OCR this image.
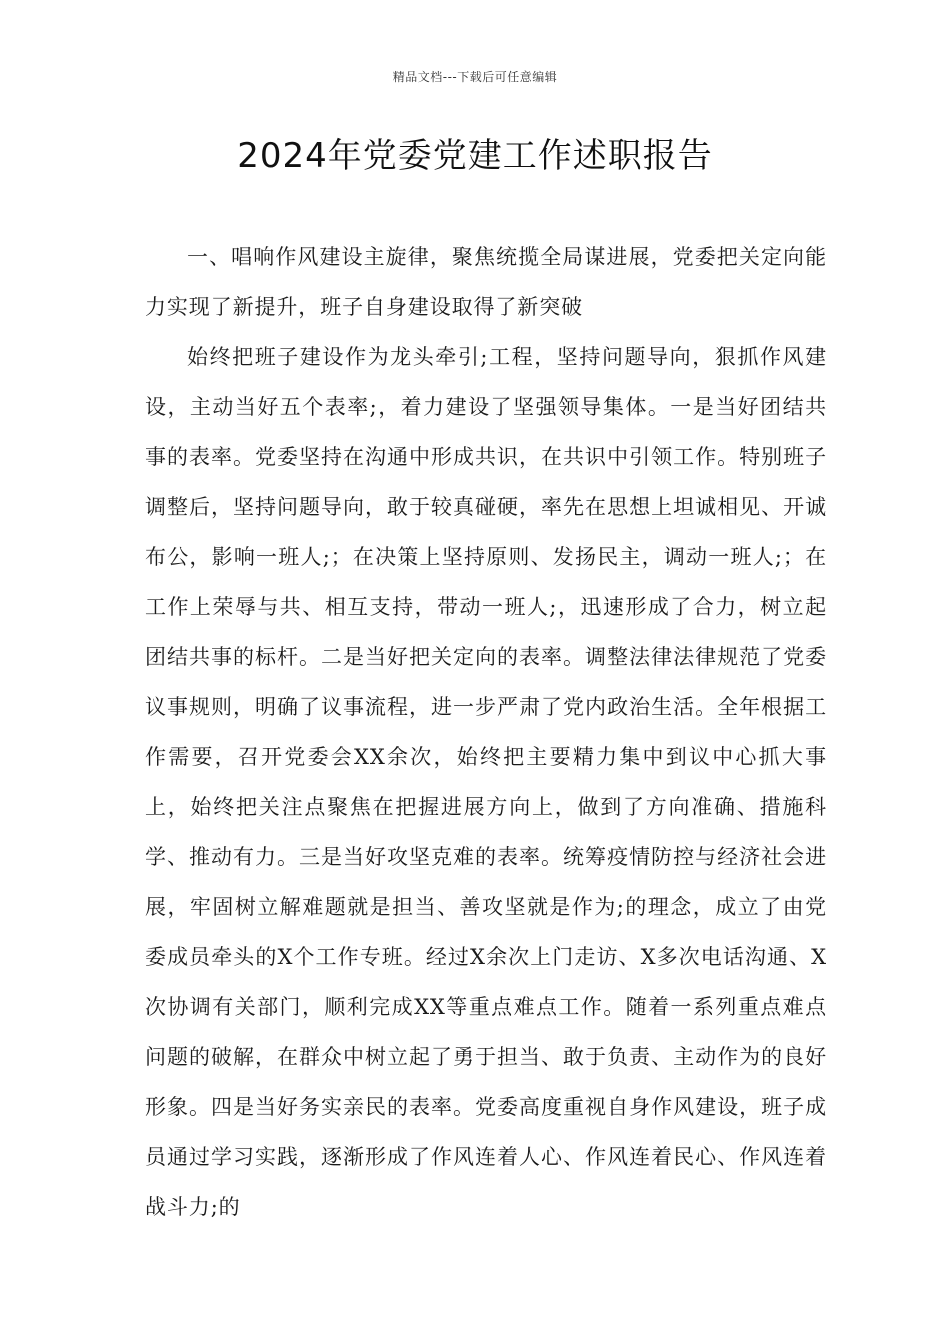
精品文档---下载后可任意编辑
2024年党委党建工作述职报告

一、唱响作风建设主旋律，聚焦统揽全局谋进展，党委把关定向能力实现了新提升，班子自身建设取得了新突破

始终把班子建设作为龙头牵引;工程，坚持问题导向，狠抓作风建设，主动当好五个表率;，着力建设了坚强领导集体。一是当好团结共事的表率。党委坚持在沟通中形成共识，在共识中引领工作。特别班子调整后，坚持问题导向，敢于较真碰硬，率先在思想上坦诚相见、开诚布公，影响一班人;；在决策上坚持原则、发扬民主，调动一班人;；在工作上荣辱与共、相互支持，带动一班人;，迅速形成了合力，树立起团结共事的标杆。二是当好把关定向的表率。调整法律法律规范了党委议事规则，明确了议事流程，进一步严肃了党内政治生活。全年根据工作需要，召开党委会XX余次，始终把主要精力集中到议中心抓大事上，始终把关注点聚焦在把握进展方向上，做到了方向准确、措施科学、推动有力。三是当好攻坚克难的表率。统筹疫情防控与经济社会进展，牢固树立解难题就是担当、善攻坚就是作为;的理念，成立了由党委成员牵头的X个工作专班。经过X余次上门走访、X多次电话沟通、X次协调有关部门，顺利完成XX等重点难点工作。随着一系列重点难点问题的破解，在群众中树立起了勇于担当、敢于负责、主动作为的良好形象。四是当好务实亲民的表率。党委高度重视自身作风建设，班子成员通过学习实践，逐渐形成了作风连着人心、作风连着民心、作风连着战斗力;的
